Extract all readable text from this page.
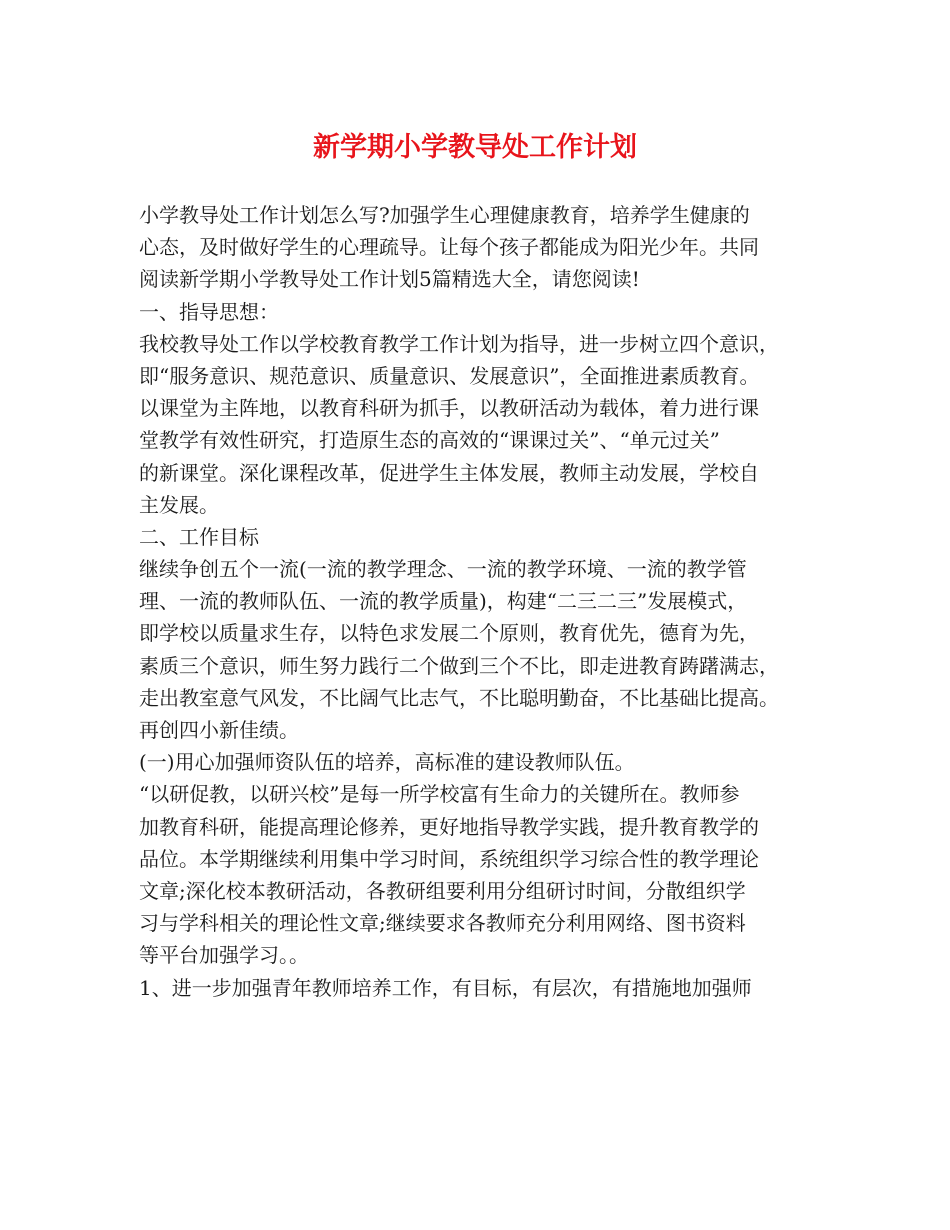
新学期小学教导处工作计划
小学教导处工作计划怎么写?加强学生心理健康教育，培养学生健康的
心态，及时做好学生的心理疏导。让每个孩子都能成为阳光少年。共同
阅读新学期小学教导处工作计划5篇精选大全，请您阅读!
一、指导思想：
我校教导处工作以学校教育教学工作计划为指导，进一步树立四个意识，
即“服务意识、规范意识、质量意识、发展意识”，全面推进素质教育。
以课堂为主阵地，以教育科研为抓手，以教研活动为载体，着力进行课
堂教学有效性研究，打造原生态的高效的“课课过关”、“单元过关”
的新课堂。深化课程改革，促进学生主体发展，教师主动发展，学校自
主发展。
二、工作目标
继续争创五个一流(一流的教学理念、一流的教学环境、一流的教学管
理、一流的教师队伍、一流的教学质量)，构建“二三二三”发展模式，
即学校以质量求生存，以特色求发展二个原则，教育优先，德育为先，
素质三个意识，师生努力践行二个做到三个不比，即走进教育踌躇满志，
走出教室意气风发，不比阔气比志气，不比聪明勤奋，不比基础比提高。
再创四小新佳绩。
(一)用心加强师资队伍的培养，高标准的建设教师队伍。
“以研促教，以研兴校”是每一所学校富有生命力的关键所在。教师参
加教育科研，能提高理论修养，更好地指导教学实践，提升教育教学的
品位。本学期继续利用集中学习时间，系统组织学习综合性的教学理论
文章;深化校本教研活动，各教研组要利用分组研讨时间，分散组织学
习与学科相关的理论性文章;继续要求各教师充分利用网络、图书资料
等平台加强学习。。
1、进一步加强青年教师培养工作，有目标，有层次，有措施地加强师
